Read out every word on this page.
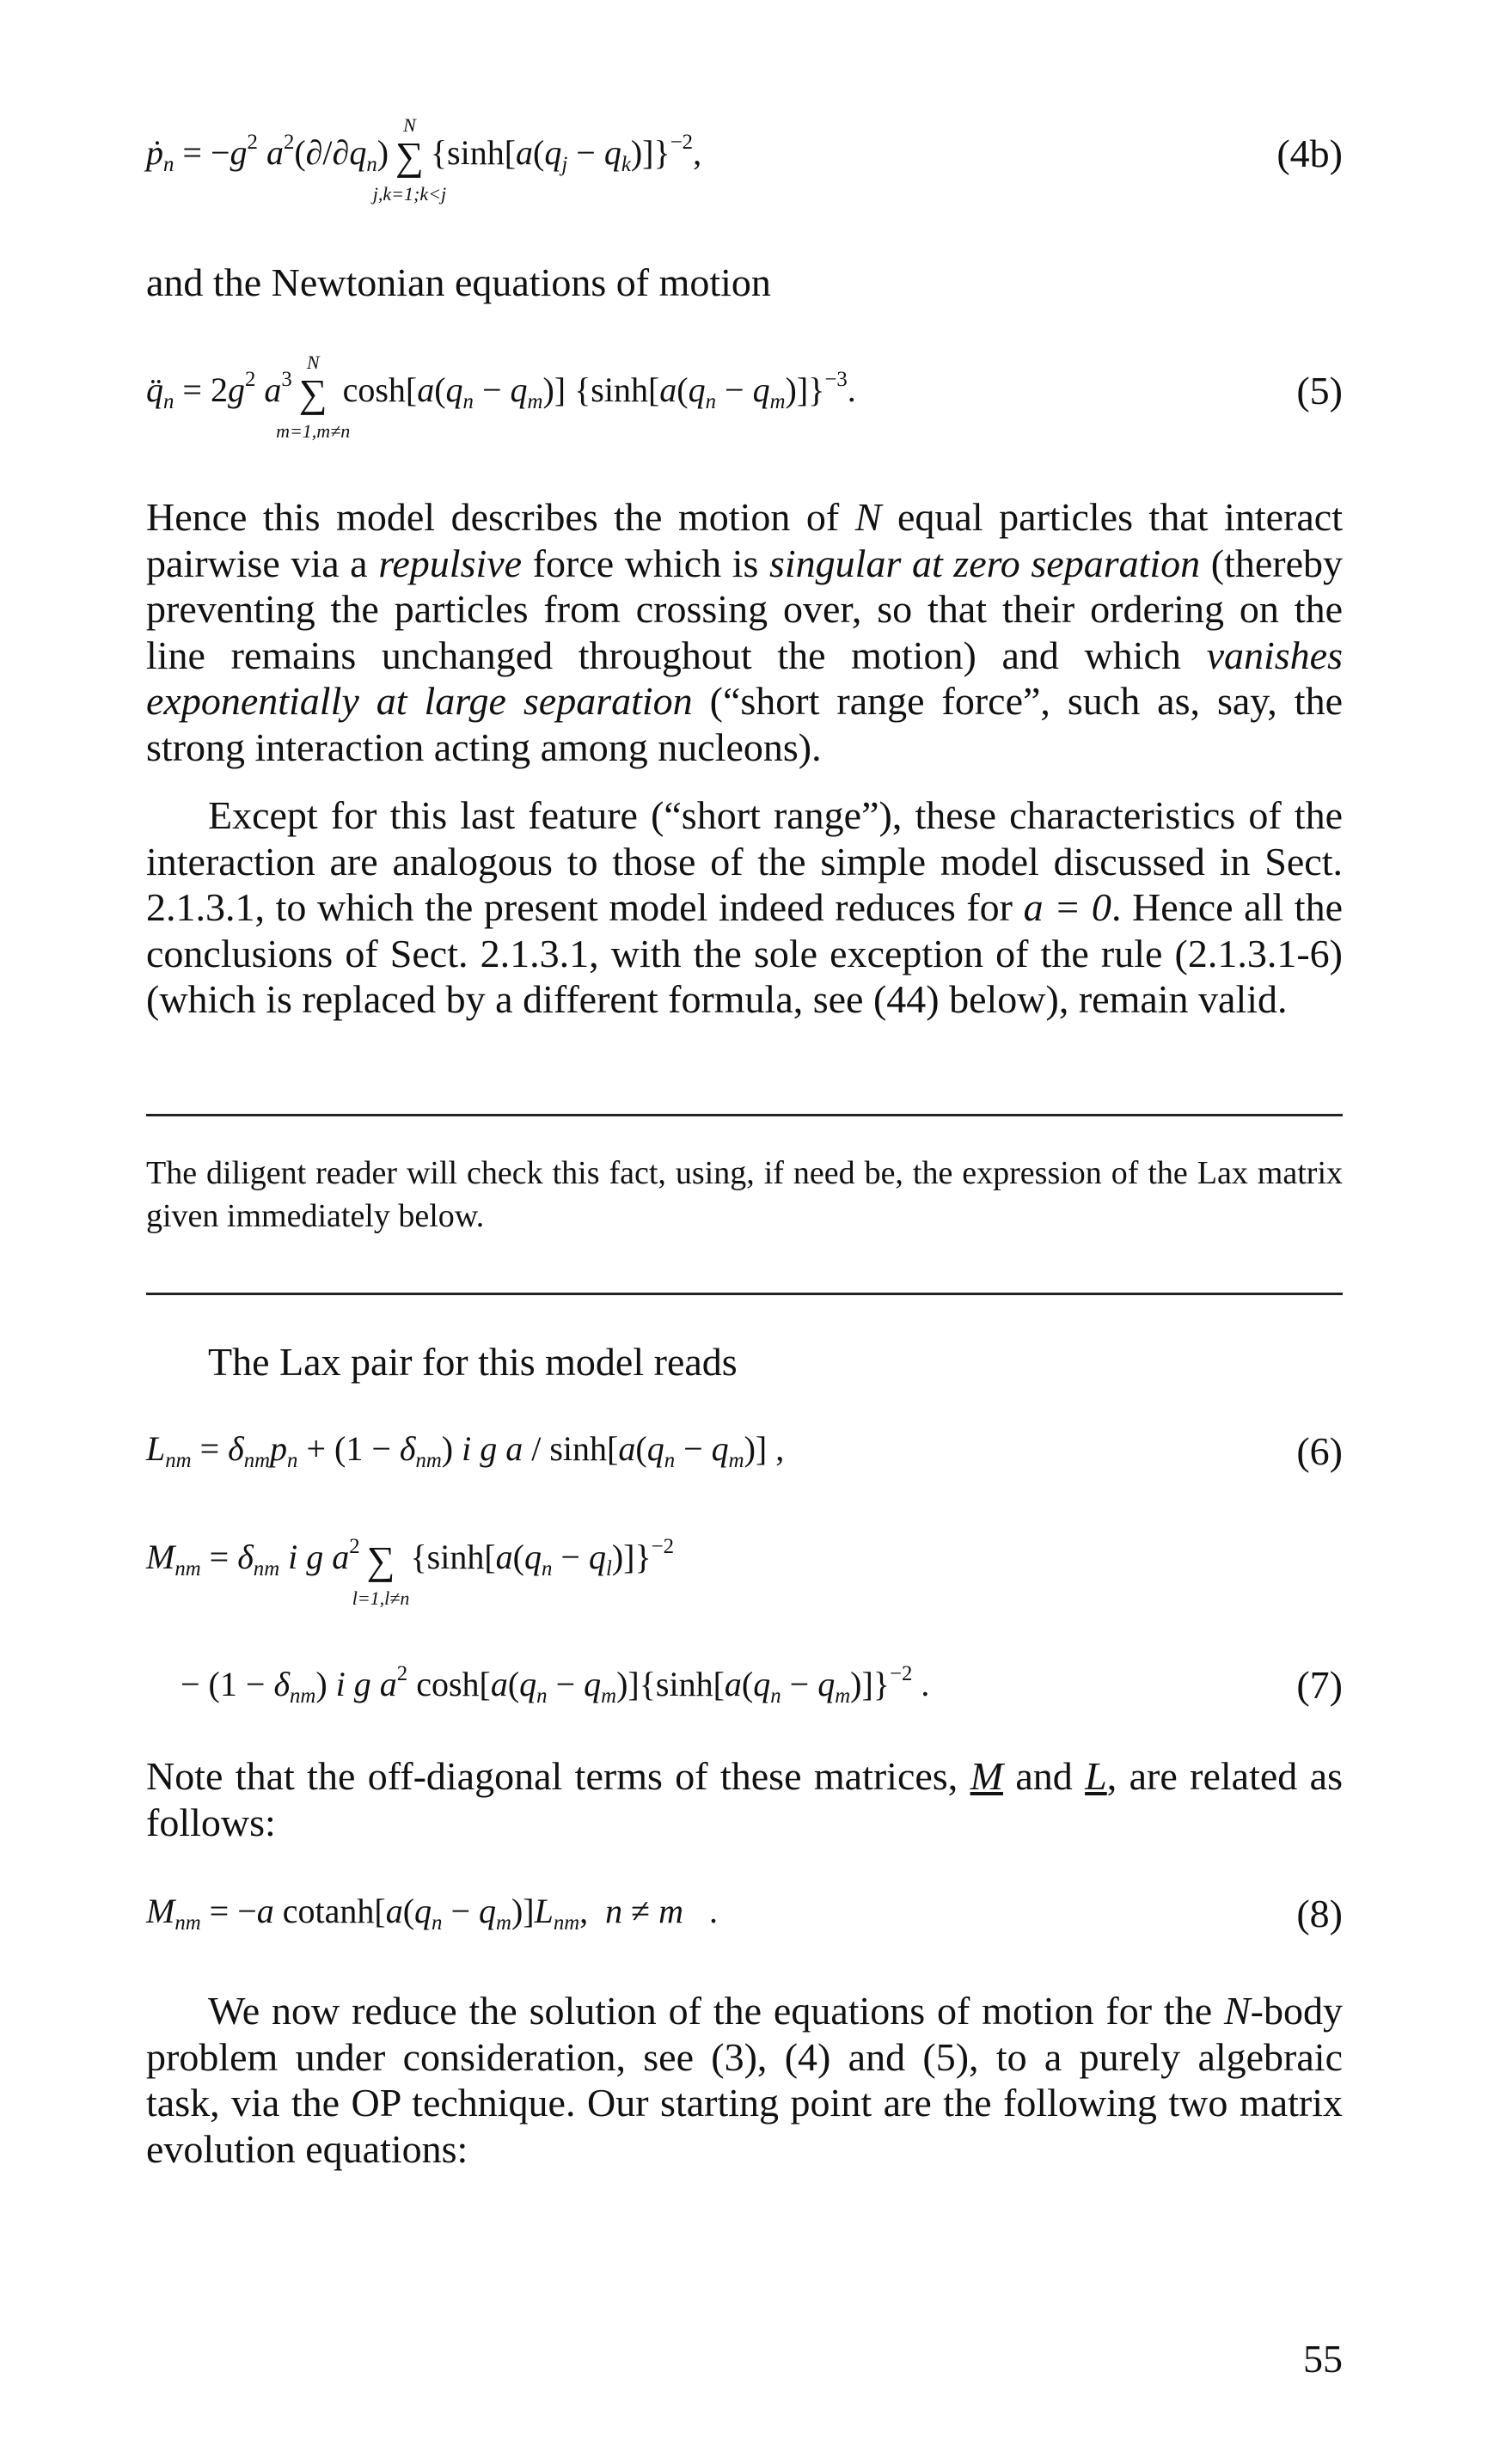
ṗ$_n$ = $-g^2$ $a^2(\partial/\partial q_n)$
N
∑
j,k=1;k<j
$\{\sinh[a(q_j - q_k)]\}^{-2}$,	(4b)

and the Newtonian equations of motion

$q̈_n = 2g^2$ $a^3$
N
∑
m=1,m≠n
$\cosh[a(q_n - q_m)] \{\sinh[a(q_n - q_m)]\}^{-3}$.	(5)

Hence this model describes the motion of N equal particles that interact pairwise via a repulsive force which is singular at zero separation (thereby preventing the particles from crossing over, so that their ordering on the line remains unchanged throughout the motion) and which vanishes exponentially at large separation (“short range force”, such as, say, the strong interaction acting among nucleons).

Except for this last feature (“short range”), these characteristics of the interaction are analogous to those of the simple model discussed in Sect. 2.1.3.1, to which the present model indeed reduces for a = 0. Hence all the conclusions of Sect. 2.1.3.1, with the sole exception of the rule (2.1.3.1-6) (which is replaced by a different formula, see (44) below), remain valid.

The diligent reader will check this fact, using, if need be, the expression of the Lax matrix given immediately below.

The Lax pair for this model reads

$L_{nm} = \delta_{nm}p_n + (1 - \delta_{nm})$ i g $a / \sinh[a(q_n - q_m)]$ ,	(6)
$M_{nm} = \delta_{nm}$ i g $a^2$ ∑
l=1,l≠n
$\{\sinh[a(q_n - q_l)]\}^{-2}$
− $(1 - \delta_{nm})$ i g $a^2$ $\cosh[a(q_n - q_m)]\{\sinh[a(q_n - q_m)]\}^{-2}$ .	(7)

Note that the off-diagonal terms of these matrices, M and L, are related as follows:

$M_{nm} = -a$ $cotanh[a(q_n - q_m)]L_{nm}$,  n ≠ m   .	(8)

We now reduce the solution of the equations of motion for the N-body problem under consideration, see (3), (4) and (5), to a purely algebraic task, via the OP technique. Our starting point are the following two matrix evolution equations:

55
